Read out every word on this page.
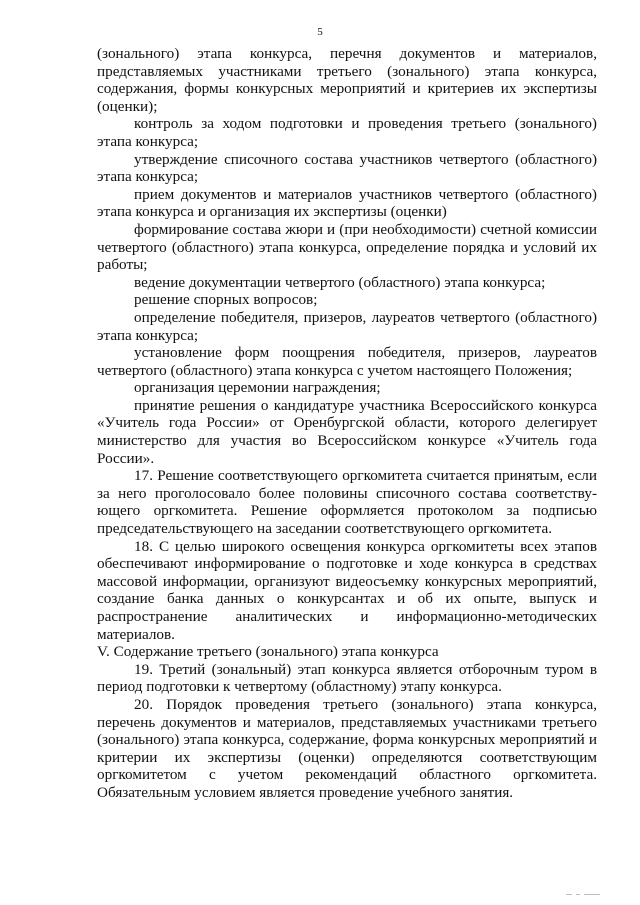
5

(зонального) этапа конкурса, перечня документов и материалов, представляемых участниками третьего (зонального) этапа конкурса, содержания, формы конкурсных мероприятий и критериев их экспертизы (оценки);

контроль за ходом подготовки и проведения третьего (зонального) этапа конкурса;

утверждение списочного состава участников четвертого (областного) этапа конкурса;

прием документов и материалов участников четвертого (областного) этапа конкурса и организация их экспертизы (оценки)

формирование состава жюри и (при необходимости) счетной комиссии четвертого (областного) этапа конкурса, определение порядка и условий их работы;

ведение документации четвертого (областного) этапа конкурса;

решение спорных вопросов;

определение победителя, призеров, лауреатов четвертого (областного) этапа конкурса;

установление форм поощрения победителя, призеров, лауреатов четвертого (областного) этапа конкурса с учетом настоящего Положения;

организация церемонии награждения;

принятие решения о кандидатуре участника Всероссийского конкурса «Учитель года России» от Оренбургской области, которого делегирует министерство для участия во Всероссийском конкурсе «Учитель года России».

17. Решение соответствующего оргкомитета считается принятым, если за него проголосовало более половины списочного состава соответствующего оргкомитета. Решение оформляется протоколом за подписью председательствующего на заседании соответствующего оргкомитета.

18. С целью широкого освещения конкурса оргкомитеты всех этапов обеспечивают информирование о подготовке и ходе конкурса в средствах массовой информации, организуют видеосъемку конкурсных мероприятий, создание банка данных о конкурсантах и об их опыте, выпуск и распространение аналитических и информационно-методических материалов.

V. Содержание третьего (зонального) этапа конкурса

19. Третий (зональный) этап конкурса является отборочным туром в период подготовки к четвертому (областному) этапу конкурса.

20. Порядок проведения третьего (зонального) этапа конкурса, перечень документов и материалов, представляемых участниками третьего (зонального) этапа конкурса, содержание, форма конкурсных мероприятий и критерии их экспертизы (оценки) определяются соответствующим оргкомитетом с учетом рекомендаций областного оргкомитета. Обязательным условием является проведение учебного занятия.
